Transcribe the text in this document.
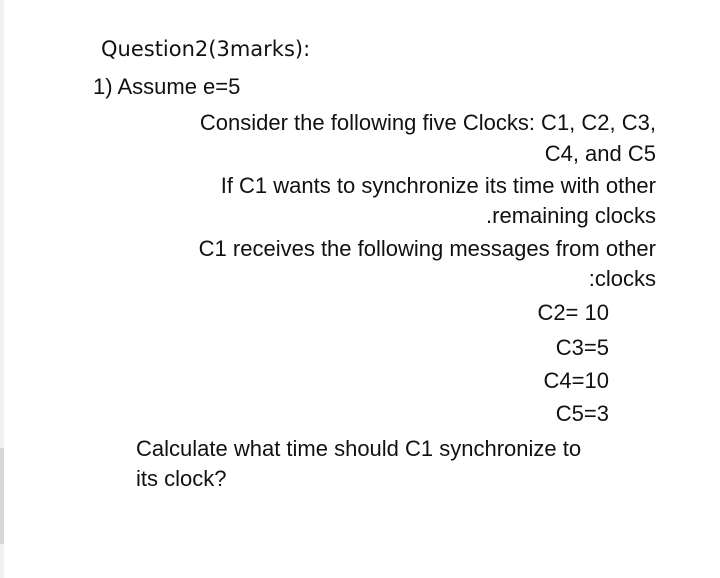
Question2(3marks):
1) Assume e=5
Consider the following five Clocks: C1, C2, C3,
C4, and C5
If C1 wants to synchronize its time with other
.remaining clocks
C1 receives the following messages from other
:clocks
C2= 10
C3=5
C4=10
C5=3
Calculate what time should C1 synchronize to
its clock?
